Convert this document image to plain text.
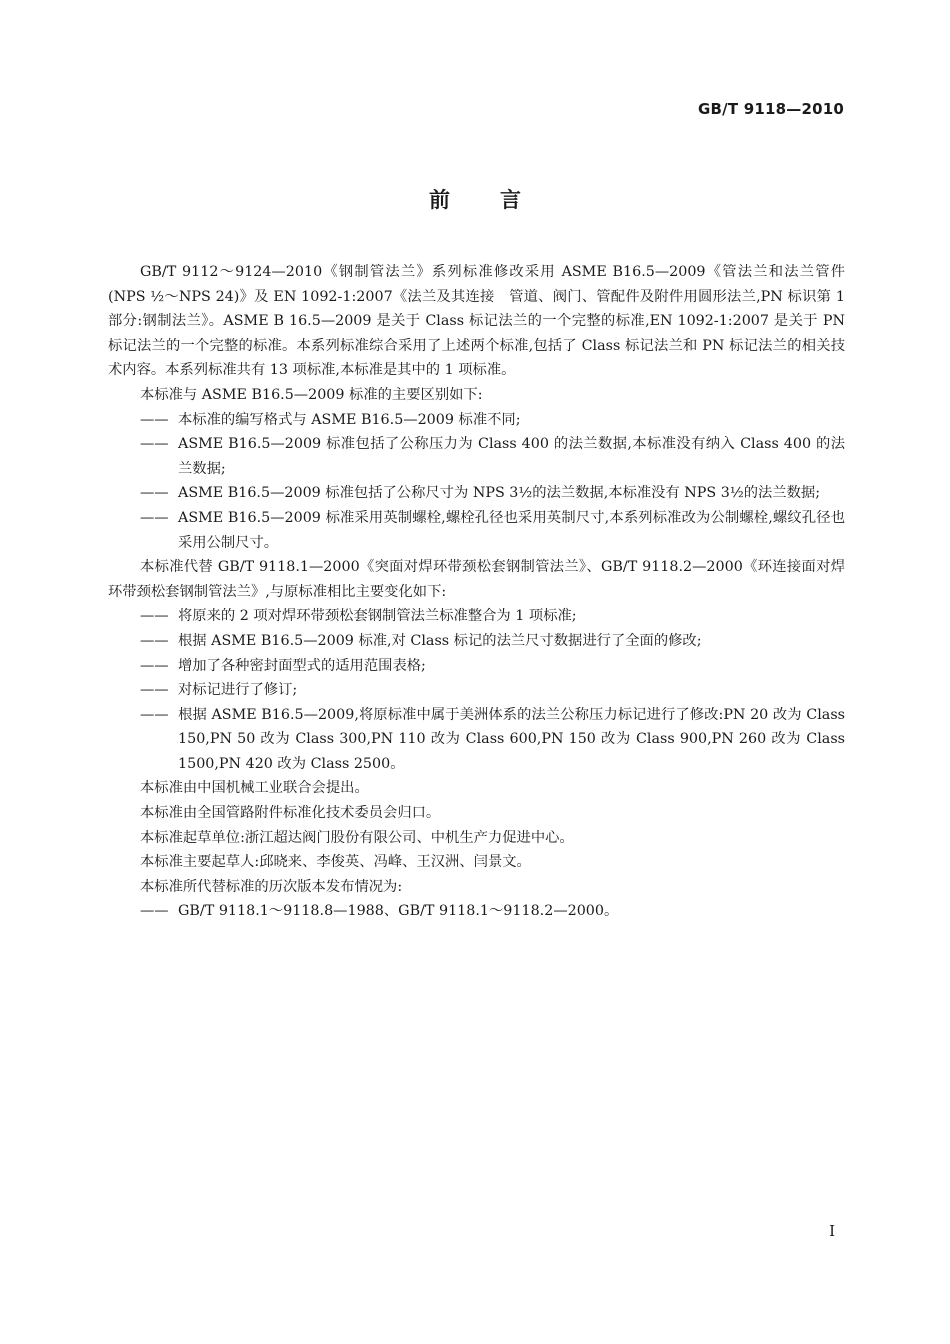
GB/T 9118—2010
前言

GB/T 9112～9124—2010《钢制管法兰》系列标准修改采用 ASME B16.5—2009《管法兰和法兰管件(NPS ½～NPS 24)》及 EN 1092-1:2007《法兰及其连接　管道、阀门、管配件及附件用圆形法兰,PN 标识第 1 部分:钢制法兰》。ASME B 16.5—2009 是关于 Class 标记法兰的一个完整的标准,EN 1092-1:2007 是关于 PN 标记法兰的一个完整的标准。本系列标准综合采用了上述两个标准,包括了 Class 标记法兰和 PN 标记法兰的相关技术内容。本系列标准共有 13 项标准,本标准是其中的 1 项标准。

本标准与 ASME B16.5—2009 标准的主要区别如下:

—— 本标准的编写格式与 ASME B16.5—2009 标准不同;

—— ASME B16.5—2009 标准包括了公称压力为 Class 400 的法兰数据,本标准没有纳入 Class 400 的法兰数据;

—— ASME B16.5—2009 标准包括了公称尺寸为 NPS 3½的法兰数据,本标准没有 NPS 3½的法兰数据;

—— ASME B16.5—2009 标准采用英制螺栓,螺栓孔径也采用英制尺寸,本系列标准改为公制螺栓,螺纹孔径也采用公制尺寸。

本标准代替 GB/T 9118.1—2000《突面对焊环带颈松套钢制管法兰》、GB/T 9118.2—2000《环连接面对焊环带颈松套钢制管法兰》,与原标准相比主要变化如下:

—— 将原来的 2 项对焊环带颈松套钢制管法兰标准整合为 1 项标准;

—— 根据 ASME B16.5—2009 标准,对 Class 标记的法兰尺寸数据进行了全面的修改;

—— 增加了各种密封面型式的适用范围表格;

—— 对标记进行了修订;

—— 根据 ASME B16.5—2009,将原标准中属于美洲体系的法兰公称压力标记进行了修改:PN 20 改为 Class 150,PN 50 改为 Class 300,PN 110 改为 Class 600,PN 150 改为 Class 900,PN 260 改为 Class 1500,PN 420 改为 Class 2500。

本标准由中国机械工业联合会提出。

本标准由全国管路附件标准化技术委员会归口。

本标准起草单位:浙江超达阀门股份有限公司、中机生产力促进中心。

本标准主要起草人:邱晓来、李俊英、冯峰、王汉洲、闫景文。

本标准所代替标准的历次版本发布情况为:

—— GB/T 9118.1～9118.8—1988、GB/T 9118.1～9118.2—2000。

I
